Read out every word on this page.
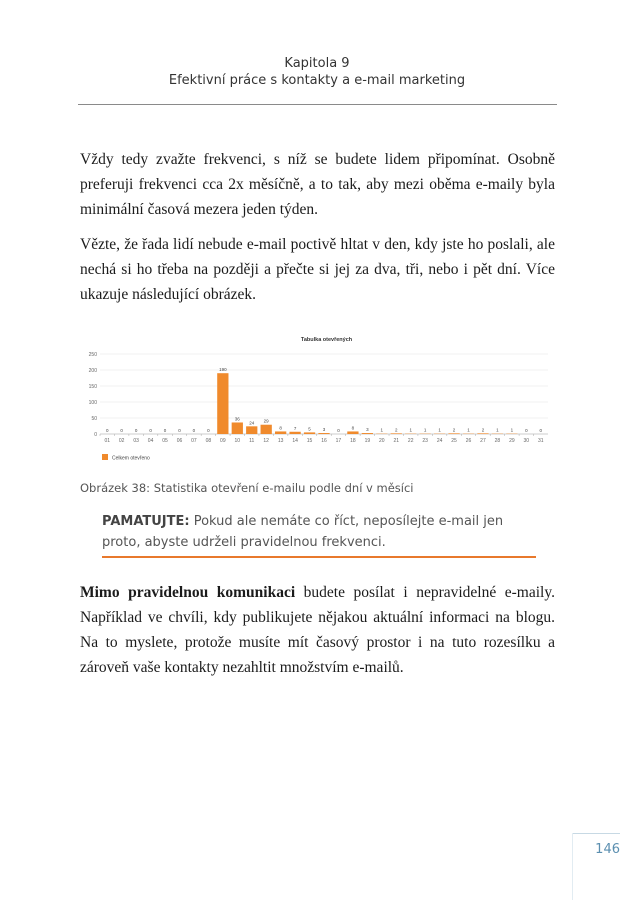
Kapitola 9
Efektivní práce s kontakty a e-mail marketing

Vždy tedy zvažte frekvenci, s níž se budete lidem připomínat. Osobně preferuji frekvenci cca 2x měsíčně, a to tak, aby mezi oběma e-maily byla minimální časová mezera jeden týden.

Vězte, že řada lidí nebude e-mail poctivě hltat v den, kdy jste ho poslali, ale nechá si ho třeba na později a přečte si jej za dva, tři, nebo i pět dní. Více ukazuje následující obrázek.

Tabulka otevřených
0
50
100
150
200
250
0
01
0
02
0
03
0
04
0
05
0
06
0
07
0
08
190
09
36
10
24
11
29
12
8
13
7
14
5
15
3
16
0
17
8
18
3
19
1
20
2
21
1
22
1
23
1
24
2
25
1
26
2
27
1
28
1
29
0
30
0
31
Celkem otevřeno
Obrázek 38: Statistika otevření e-mailu podle dní v měsíci
PAMATUJTE: Pokud ale nemáte co říct, neposílejte e-mail jen proto, abyste udrželi pravidelnou frekvenci.

Mimo pravidelnou komunikaci budete posílat i nepravidelné e-maily. Například ve chvíli, kdy publikujete nějakou aktuální informaci na blogu. Na to myslete, protože musíte mít časový prostor i na tuto rozesílku a zároveň vaše kontakty nezahltit množstvím e-mailů.

146
